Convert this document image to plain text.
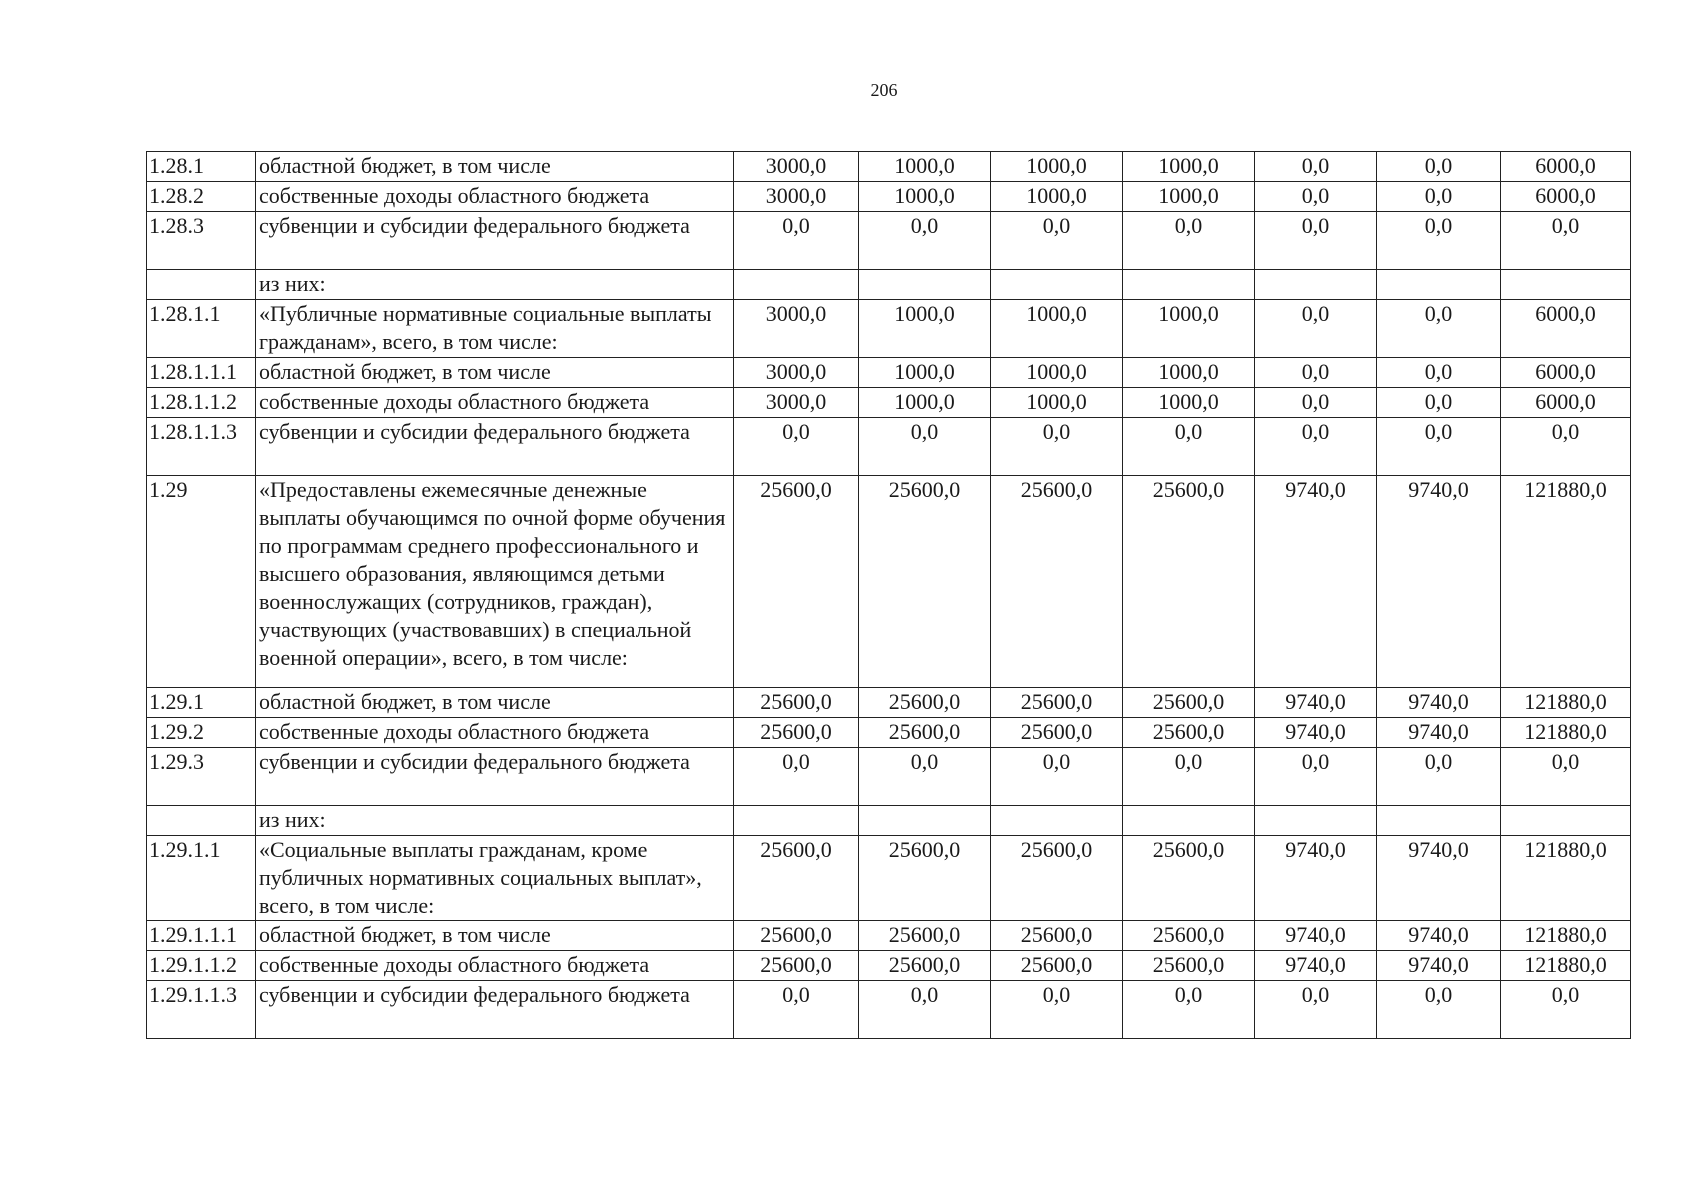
206
1.28.1	областной бюджет, в том числе	3000,0	1000,0	1000,0	1000,0	0,0	0,0	6000,0
1.28.2	собственные доходы областного бюджета	3000,0	1000,0	1000,0	1000,0	0,0	0,0	6000,0
1.28.3	субвенции и субсидии федерального бюджета	0,0	0,0	0,0	0,0	0,0	0,0	0,0
	из них:							
1.28.1.1	«Публичные нормативные социальные выплаты гражданам», всего, в том числе:	3000,0	1000,0	1000,0	1000,0	0,0	0,0	6000,0
1.28.1.1.1	областной бюджет, в том числе	3000,0	1000,0	1000,0	1000,0	0,0	0,0	6000,0
1.28.1.1.2	собственные доходы областного бюджета	3000,0	1000,0	1000,0	1000,0	0,0	0,0	6000,0
1.28.1.1.3	субвенции и субсидии федерального бюджета	0,0	0,0	0,0	0,0	0,0	0,0	0,0
1.29	«Предоставлены ежемесячные денежные выплаты обучающимся по очной форме обучения по программам среднего профессионального и высшего образования, являющимся детьми военнослужащих (сотрудников, граждан), участвующих (участвовавших) в специальной военной операции», всего, в том числе:	25600,0	25600,0	25600,0	25600,0	9740,0	9740,0	121880,0
1.29.1	областной бюджет, в том числе	25600,0	25600,0	25600,0	25600,0	9740,0	9740,0	121880,0
1.29.2	собственные доходы областного бюджета	25600,0	25600,0	25600,0	25600,0	9740,0	9740,0	121880,0
1.29.3	субвенции и субсидии федерального бюджета	0,0	0,0	0,0	0,0	0,0	0,0	0,0
	из них:							
1.29.1.1	«Социальные выплаты гражданам, кроме публичных нормативных социальных выплат», всего, в том числе:	25600,0	25600,0	25600,0	25600,0	9740,0	9740,0	121880,0
1.29.1.1.1	областной бюджет, в том числе	25600,0	25600,0	25600,0	25600,0	9740,0	9740,0	121880,0
1.29.1.1.2	собственные доходы областного бюджета	25600,0	25600,0	25600,0	25600,0	9740,0	9740,0	121880,0
1.29.1.1.3	субвенции и субсидии федерального бюджета	0,0	0,0	0,0	0,0	0,0	0,0	0,0
